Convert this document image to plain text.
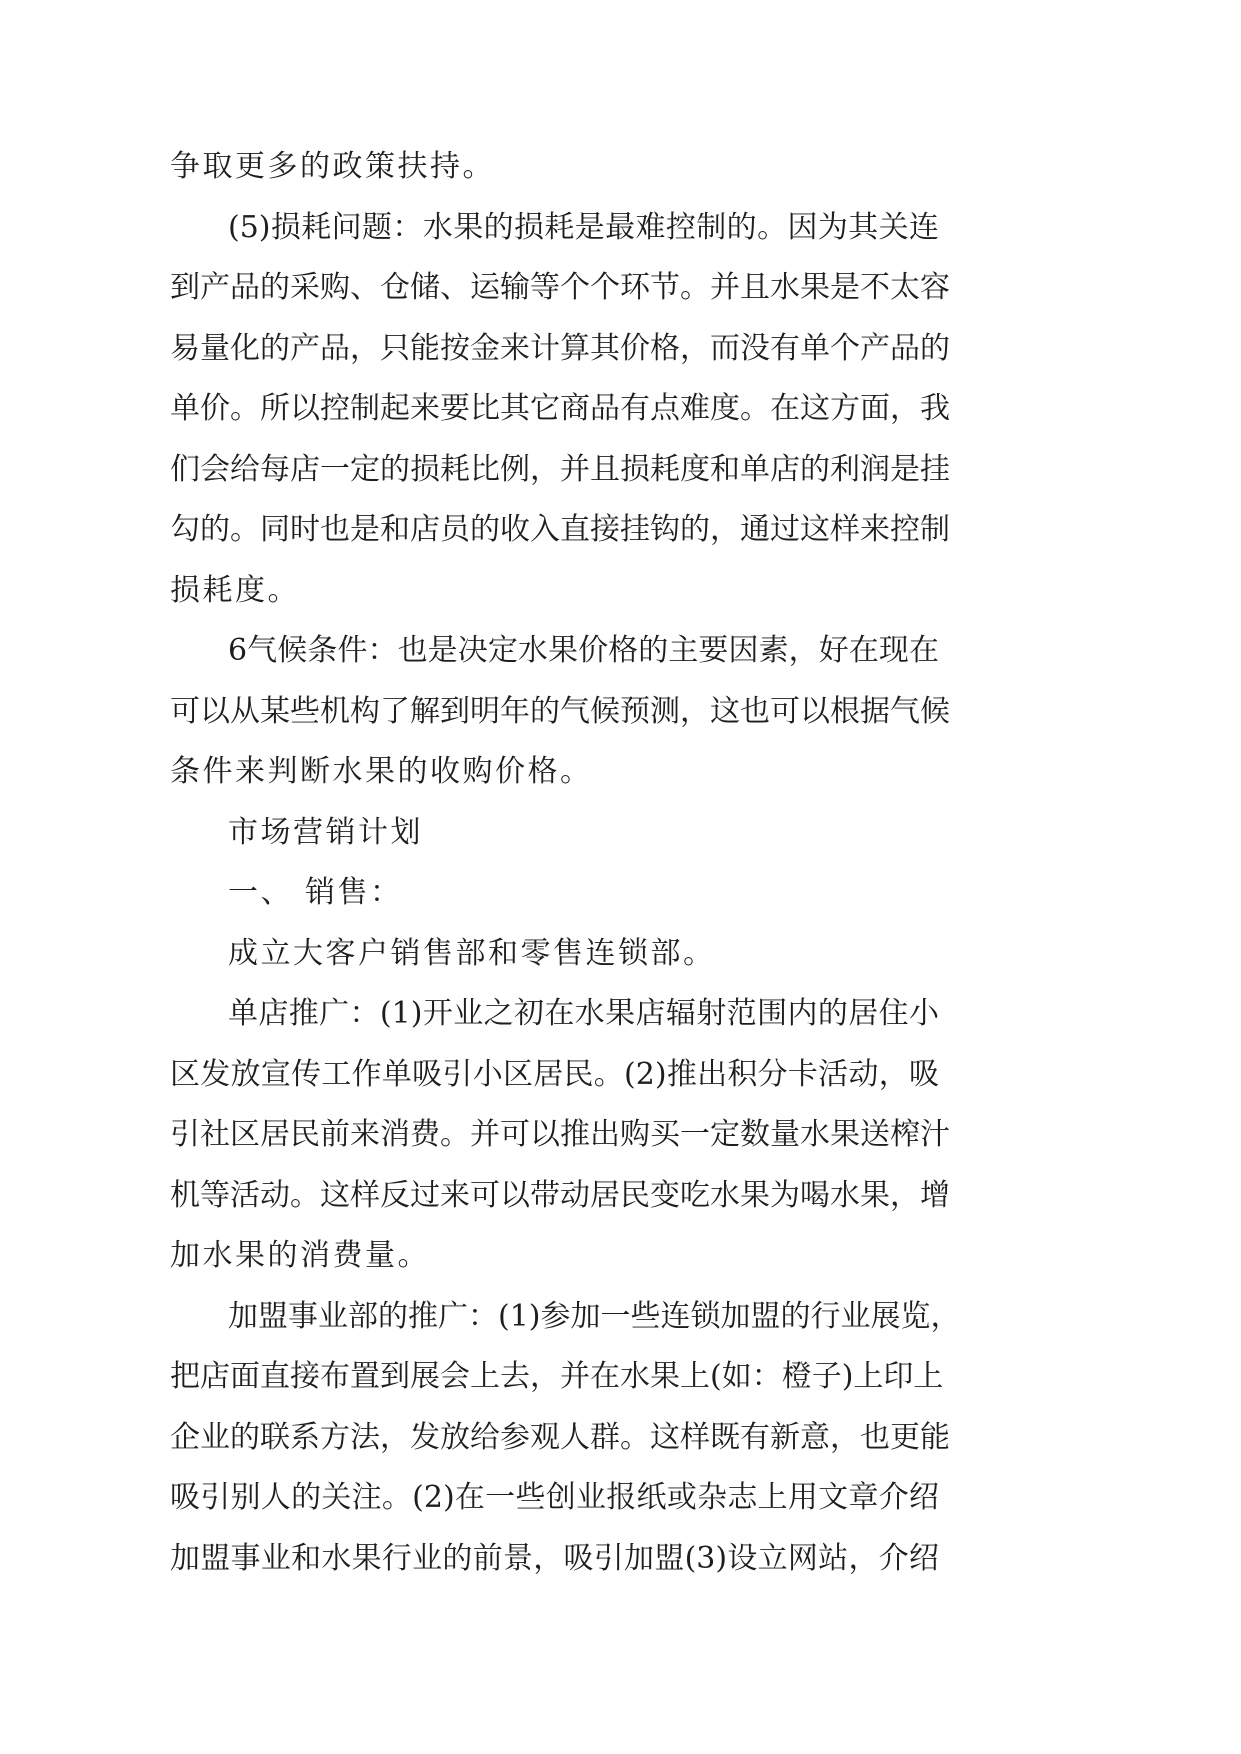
争取更多的政策扶持。
(5)损耗问题：水果的损耗是最难控制的。因为其关连
到产品的采购、仓储、运输等个个环节。并且水果是不太容
易量化的产品，只能按金来计算其价格，而没有单个产品的
单价。所以控制起来要比其它商品有点难度。在这方面，我
们会给每店一定的损耗比例，并且损耗度和单店的利润是挂
勾的。同时也是和店员的收入直接挂钩的，通过这样来控制
损耗度。
6气候条件：也是决定水果价格的主要因素，好在现在
可以从某些机构了解到明年的气候预测，这也可以根据气候
条件来判断水果的收购价格。
市场营销计划
一、 销售：
成立大客户销售部和零售连锁部。
单店推广：(1)开业之初在水果店辐射范围内的居住小
区发放宣传工作单吸引小区居民。(2)推出积分卡活动，吸
引社区居民前来消费。并可以推出购买一定数量水果送榨汁
机等活动。这样反过来可以带动居民变吃水果为喝水果，增
加水果的消费量。
加盟事业部的推广：(1)参加一些连锁加盟的行业展览，
把店面直接布置到展会上去，并在水果上(如：橙子)上印上
企业的联系方法，发放给参观人群。这样既有新意，也更能
吸引别人的关注。(2)在一些创业报纸或杂志上用文章介绍
加盟事业和水果行业的前景，吸引加盟(3)设立网站，介绍
